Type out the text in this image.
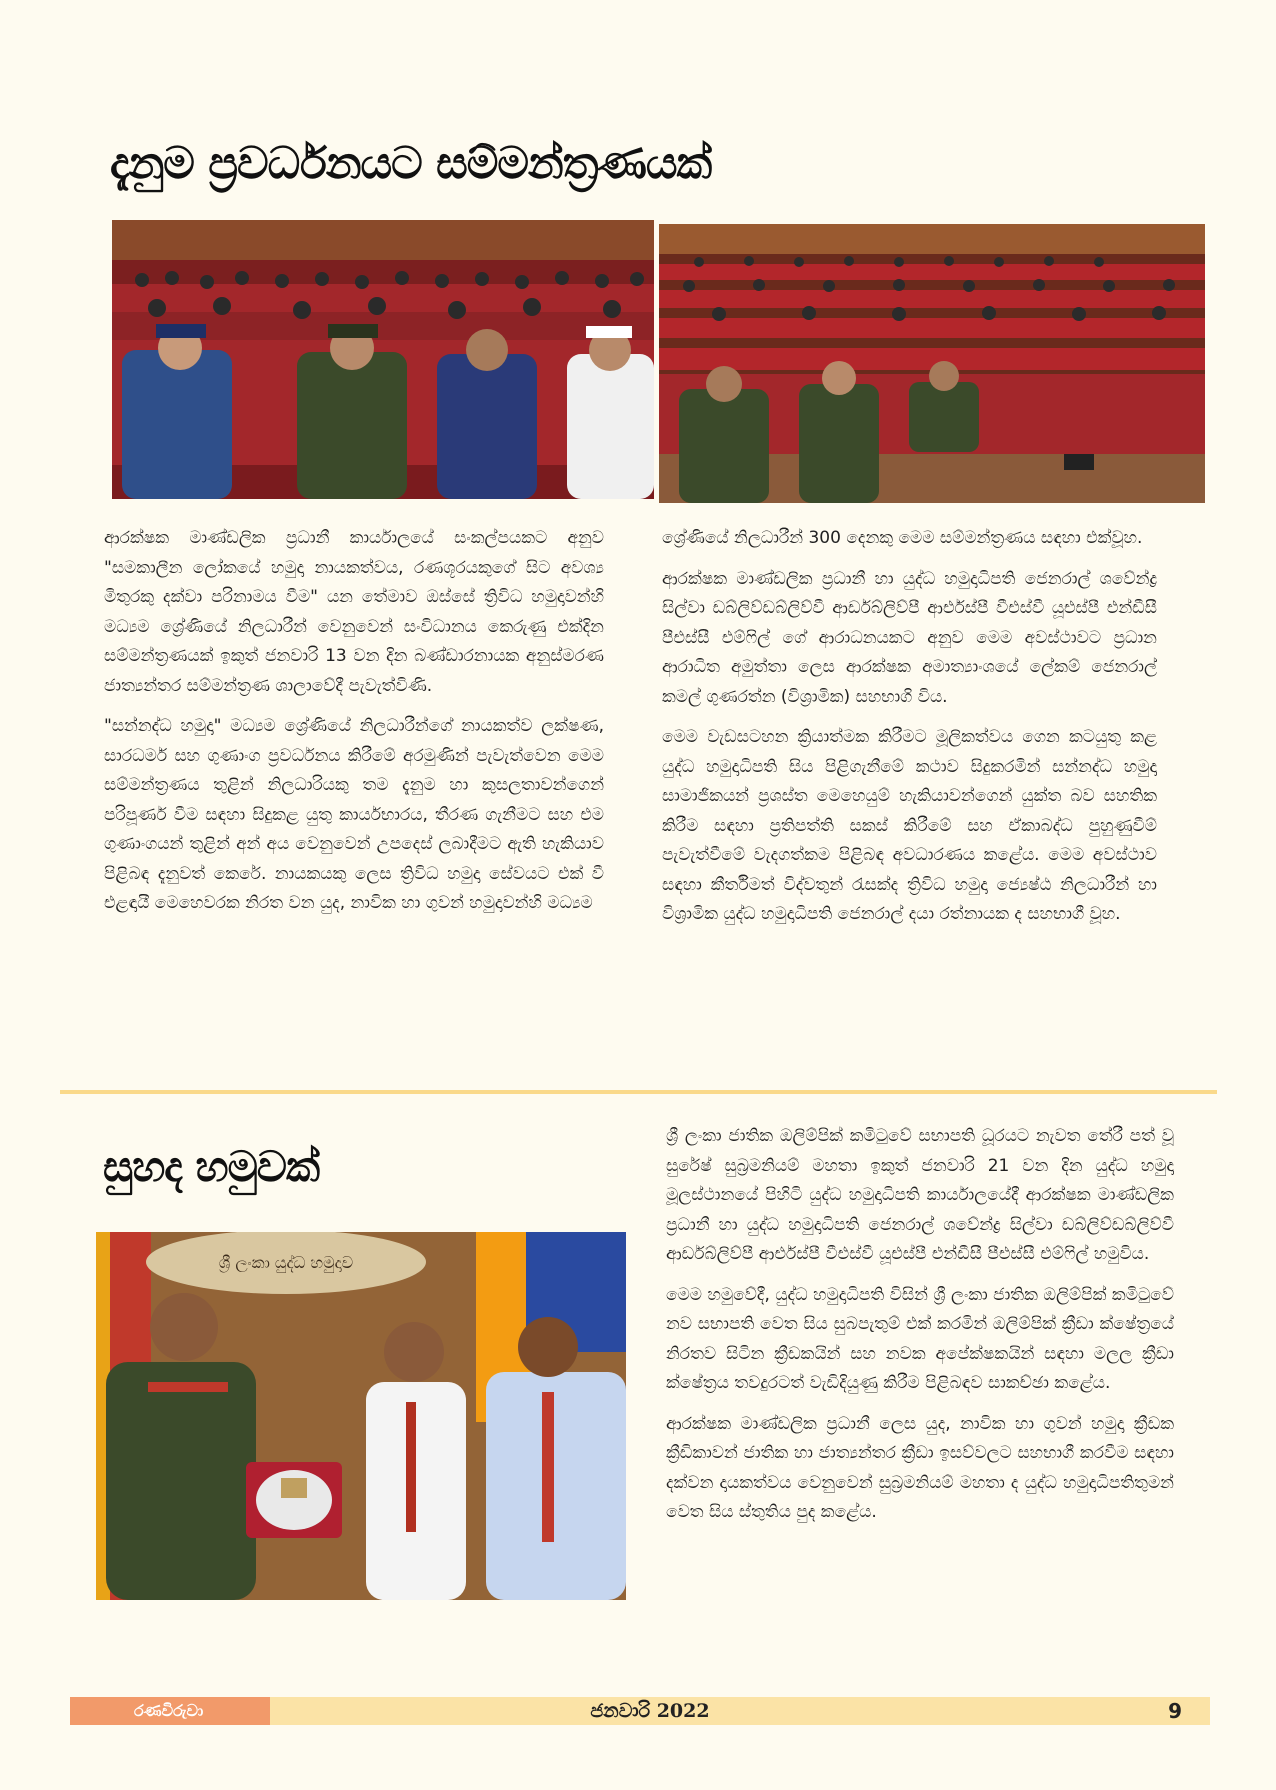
දැනුම ප්‍රවර්ධනයට සම්මන්ත්‍රණයක්

ආරක්ෂක මාණ්ඩලික ප්‍රධානී කාර්යාලයේ සංකල්පයකට අනුව "සමකාලීන ලෝකයේ හමුදා නායකත්වය, රණශූරයකුගේ සිට අවශ්‍ය මිතුරකු දක්වා පරිනාමය වීම" යන තේමාව ඔස්සේ ත්‍රිවිධ හමුදාවන්හි මධ්‍යම ශ්‍රේණියේ නිලධාරීන් වෙනුවෙන් සංවිධානය කෙරුණු එක්දින සම්මන්ත්‍රණයක් ඉකුත් ජනවාරි 13 වන දින බණ්ඩාරනායක අනුස්මරණ ජාත්‍යන්තර සම්මන්ත්‍රණ ශාලාවේදී පැවැත්විණි.

"සන්නද්ධ හමුදා" මධ්‍යම ශ්‍රේණියේ නිලධාරීන්ගේ නායකත්ව ලක්ෂණ, සාරධර්ම සහ ගුණාංග ප්‍රවර්ධනය කිරීමේ අරමුණින් පැවැත්වෙන මෙම සම්මන්ත්‍රණය තුළින් නිලධාරියකු තම දැනුම හා කුසලතාවන්ගෙන් පරිපූර්ණ වීම සඳහා සිදුකළ යුතු කාර්යභාරය, තීරණ ගැනීමට සහ එම ගුණාංගයන් තුළින් අන් අය වෙනුවෙන් උපදෙස් ලබාදීමට ඇති හැකියාව පිළිබඳ දැනුවත් කෙරේ. නායකයකු ලෙස ත්‍රිවිධ හමුදා සේවයට එක් වී එළඳායී මෙහෙවරක නිරත වන යුද, නාවික හා ගුවන් හමුදාවන්හි මධ්‍යම

ශ්‍රේණියේ නිලධාරීන් 300 දෙනකු මෙම සම්මන්ත්‍රණය සඳහා එක්වූහ.

ආරක්ෂක මාණ්ඩලික ප්‍රධානී හා යුද්ධ හමුදාධිපති ජෙනරාල් ශවේන්ද්‍ර සිල්වා ඩබ්ලිව්ඩබ්ලිව්වී ආර්ඩබ්ලිව්පී ආර්එස්පී වීඑස්වී යූඑස්පී එන්ඩීසී පීඑස්සී එම්ෆිල් ගේ ආරාධනයකට අනුව මෙම අවස්ථාවට ප්‍රධාන ආරාධිත අමුත්තා ලෙස ආරක්ෂක අමාත්‍යාංශයේ ලේකම් ජෙනරාල් කමල් ගුණරත්න (විශ්‍රාමික) සහභාගි විය.

මෙම වැඩසටහන ක්‍රියාත්මක කිරීමට මූලිකත්වය ගෙන කටයුතු කළ යුද්ධ හමුදාධිපති සිය පිළිගැනීමේ කථාව සිදුකරමින් සන්නද්ධ හමුදා සාමාජිකයන් ප්‍රශස්ත මෙහෙයුම් හැකියාවන්ගෙන් යුක්ත බව සහතික කිරීම සඳහා ප්‍රතිපත්ති සකස් කිරීමේ සහ ඒකාබද්ධ පුහුණුවීම් පැවැත්වීමේ වැදගත්කම පිළිබඳ අවධාරණය කළේය. මෙම අවස්ථාව සඳහා කීර්තිමත් විද්වතුන් රැසක්ද ත්‍රිවිධ හමුදා ජ්‍යෙෂ්ඨ නිලධාරීන් හා විශ්‍රාමික යුද්ධ හමුදාධිපති ජෙනරාල් දයා රත්නායක ද සහභාගී වූහ.

සුහද හමුවක්
ශ්‍රී ලංකා යුද්ධ හමුදාව

ශ්‍රී ලංකා ජාතික ඔලිම්පික් කමිටුවේ සභාපති ධූරයට නැවත තේරී පත් වූ සුරේෂ් සුබ්‍රමනියම් මහතා ඉකුත් ජනවාරි 21 වන දින යුද්ධ හමුදා මූලස්ථානයේ පිහිටි යුද්ධ හමුදාධිපති කාර්යාලයේදී ආරක්ෂක මාණ්ඩලික ප්‍රධානී හා යුද්ධ හමුදාධිපති ජෙනරාල් ශවේන්ද්‍ර සිල්වා ඩබ්ලිව්ඩබ්ලිව්වී ආර්ඩබ්ලිව්පී ආර්එස්පී වීඑස්වී යූඑස්පී එන්ඩීසී පීඑස්සී එම්ෆිල් හමුවිය.

මෙම හමුවේදී, යුද්ධ හමුදාධිපති විසින් ශ්‍රී ලංකා ජාතික ඔලිම්පික් කමිටුවේ නව සභාපති වෙත සිය සුබපැතුම් එක් කරමින් ඔලිම්පික් ක්‍රීඩා ක්ෂේත්‍රයේ නිරතව සිටින ක්‍රීඩකයින් සහ නවක අපේක්ෂකයින් සඳහා මලල ක්‍රීඩා ක්ෂේත්‍රය තවදුරටත් වැඩිදියුණු කිරීම පිළිබඳව සාකච්ඡා කළේය.

ආරක්ෂක මාණ්ඩලික ප්‍රධානී ලෙස යුද, නාවික හා ගුවන් හමුදා ක්‍රීඩක ක්‍රීඩිකාවන් ජාතික හා ජාත්‍යන්තර ක්‍රීඩා ඉසව්වලට සහභාගී කරවීම සඳහා දක්වන දායකත්වය වෙනුවෙන් සුබ්‍රමනියම් මහතා ද යුද්ධ හමුදාධිපතිතුමන් වෙත සිය ස්තුතිය පුද කළේය.

රණවිරුවා	ජනවාරි 2022	9
